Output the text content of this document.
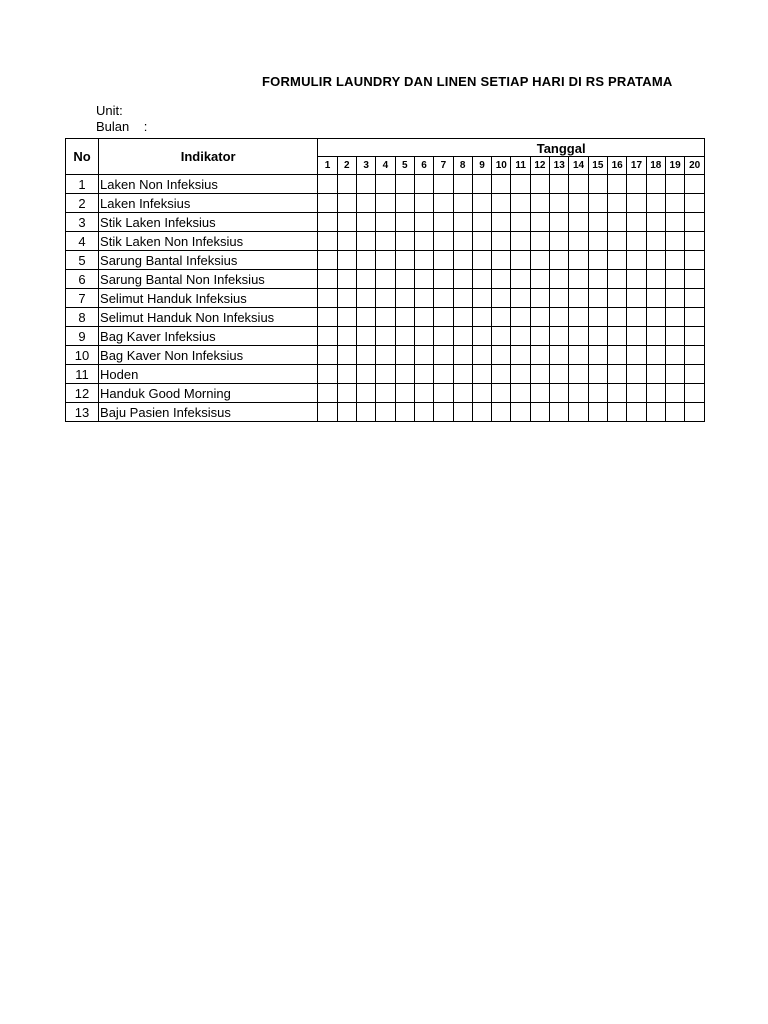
FORMULIR LAUNDRY DAN LINEN SETIAP HARI DI RS PRATAMA
Unit:
Bulan    :
No	Indikator	Tanggal																			
		1	2	3	4	5	6	7	8	9	10	11	12	13	14	15	16	17	18	19	20
1	Laken Non Infeksius																				
2	Laken Infeksius																				
3	Stik Laken Infeksius																				
4	Stik Laken Non Infeksius																				
5	Sarung Bantal Infeksius																				
6	Sarung Bantal Non Infeksius																				
7	Selimut Handuk Infeksius																				
8	Selimut Handuk Non Infeksius																				
9	Bag Kaver Infeksius																				
10	Bag Kaver Non Infeksius																				
11	Hoden																				
12	Handuk Good Morning																				
13	Baju Pasien Infeksisus																				
